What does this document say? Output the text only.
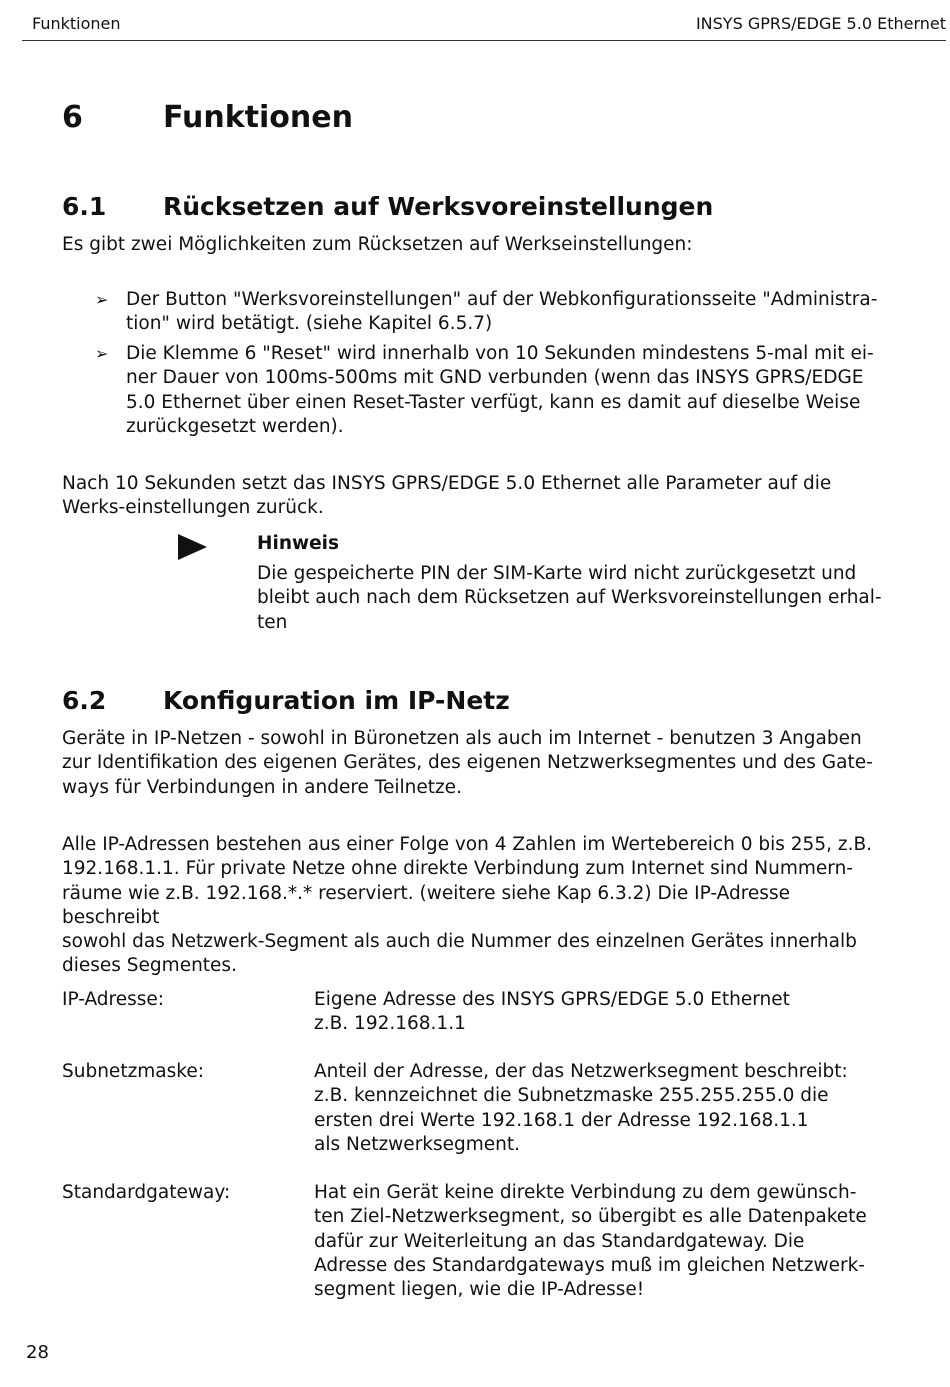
Funktionen	INSYS GPRS/EDGE 5.0 Ethernet
6	Funktionen
6.1 Rücksetzen auf Werksvoreinstellungen
Es gibt zwei Möglichkeiten zum Rücksetzen auf Werkseinstellungen:
➢ Der Button "Werksvoreinstellungen" auf der Webkonfigurationsseite "Administra-
tion" wird betätigt. (siehe Kapitel 6.5.7)
➢ Die Klemme 6 "Reset" wird innerhalb von 10 Sekunden mindestens 5-mal mit ei-
ner Dauer von 100ms-500ms mit GND verbunden (wenn das INSYS GPRS/EDGE
5.0 Ethernet über einen Reset-Taster verfügt, kann es damit auf dieselbe Weise
zurückgesetzt werden).
Nach 10 Sekunden setzt das INSYS GPRS/EDGE 5.0 Ethernet alle Parameter auf die
Werks-einstellungen zurück.
Hinweis
Die gespeicherte PIN der SIM-Karte wird nicht zurückgesetzt und
bleibt auch nach dem Rücksetzen auf Werksvoreinstellungen erhal-
ten
6.2 Konfiguration im IP-Netz
Geräte in IP-Netzen - sowohl in Büronetzen als auch im Internet - benutzen 3 Angaben
zur Identifikation des eigenen Gerätes, des eigenen Netzwerksegmentes und des Gate-
ways für Verbindungen in andere Teilnetze.
Alle IP-Adressen bestehen aus einer Folge von 4 Zahlen im Wertebereich 0 bis 255, z.B.
192.168.1.1. Für private Netze ohne direkte Verbindung zum Internet sind Nummern-
räume wie z.B. 192.168.*.* reserviert. (weitere siehe Kap 6.3.2) Die IP-Adresse beschreibt
sowohl das Netzwerk-Segment als auch die Nummer des einzelnen Gerätes innerhalb
dieses Segmentes.
IP-Adresse:	Eigene Adresse des INSYS GPRS/EDGE 5.0 Ethernet
z.B. 192.168.1.1
Subnetzmaske:	Anteil der Adresse, der das Netzwerksegment beschreibt:
z.B. kennzeichnet die Subnetzmaske 255.255.255.0 die
ersten drei Werte 192.168.1 der Adresse 192.168.1.1
als Netzwerksegment.
Standardgateway:	Hat ein Gerät keine direkte Verbindung zu dem gewünsch-
ten Ziel-Netzwerksegment, so übergibt es alle Datenpakete
dafür zur Weiterleitung an das Standardgateway. Die
Adresse des Standardgateways muß im gleichen Netzwerk-
segment liegen, wie die IP-Adresse!
28
